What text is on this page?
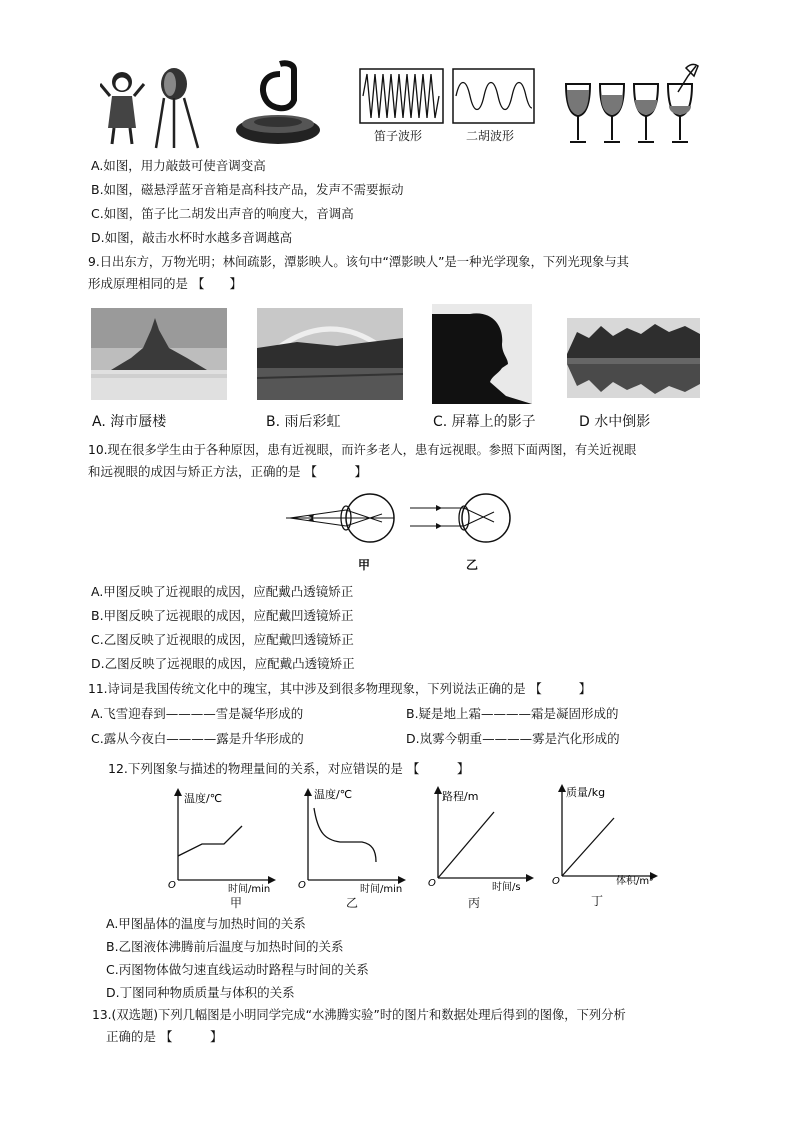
笛子波形	二胡波形
A.如图，用力敲鼓可使音调变高
B.如图，磁悬浮蓝牙音箱是高科技产品，发声不需要振动
C.如图，笛子比二胡发出声音的响度大，音调高
D.如图，敲击水杯时水越多音调越高
9.日出东方，万物光明；林间疏影，潭影映人。该句中“潭影映人”是一种光学现象，下列光现象与其
形成原理相同的是 【　　】
A. 海市蜃楼	B. 雨后彩虹	C. 屏幕上的影子	D 水中倒影
10.现在很多学生由于各种原因，患有近视眼，而许多老人，患有远视眼。参照下面两图，有关近视眼
和远视眼的成因与矫正方法，正确的是 【　　　】
甲	乙
A.甲图反映了近视眼的成因，应配戴凸透镜矫正
B.甲图反映了远视眼的成因，应配戴凹透镜矫正
C.乙图反映了近视眼的成因，应配戴凹透镜矫正
D.乙图反映了远视眼的成因，应配戴凸透镜矫正
11.诗词是我国传统文化中的瑰宝，其中涉及到很多物理现象，下列说法正确的是 【　　　】
A.飞雪迎春到————雪是凝华形成的	B.疑是地上霜————霜是凝固形成的
C.露从今夜白————露是升华形成的	D.岚雾今朝重————雾是汽化形成的
12.下列图象与描述的物理量间的关系，对应错误的是 【　　　】
温度/℃
时间/min
O
甲
温度/℃
时间/min
O
乙
路程/m
时间/s
O
丙
质量/kg
体积/m³
O
丁
A.甲图晶体的温度与加热时间的关系
B.乙图液体沸腾前后温度与加热时间的关系
C.丙图物体做匀速直线运动时路程与时间的关系
D.丁图同种物质质量与体积的关系
13.(双选题)下列几幅图是小明同学完成“水沸腾实验”时的图片和数据处理后得到的图像，下列分析
正确的是 【　　　】
